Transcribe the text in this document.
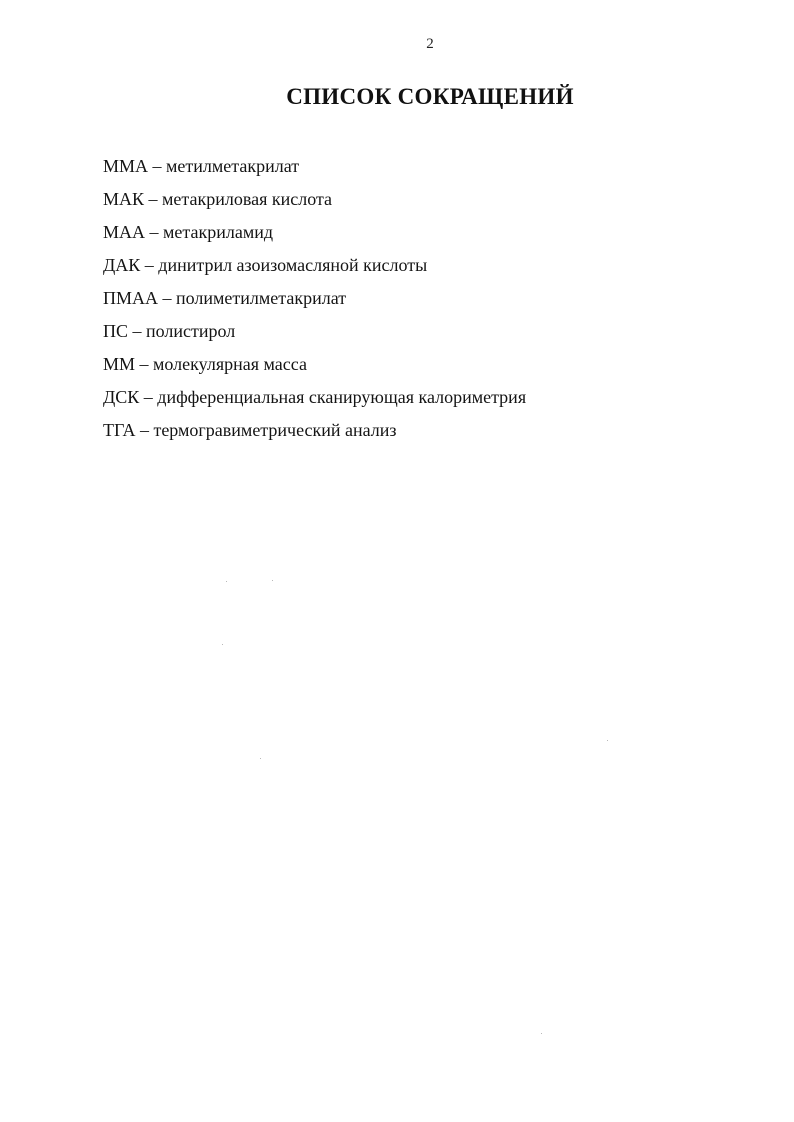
2
СПИСОК СОКРАЩЕНИЙ
ММА – метилметакрилат
МАК – метакриловая кислота
МАА – метакриламид
ДАК – динитрил азоизомасляной кислоты
ПМАА – полиметилметакрилат
ПС – полистирол
ММ – молекулярная масса
ДСК – дифференциальная сканирующая калориметрия
ТГА – термогравиметрический анализ
